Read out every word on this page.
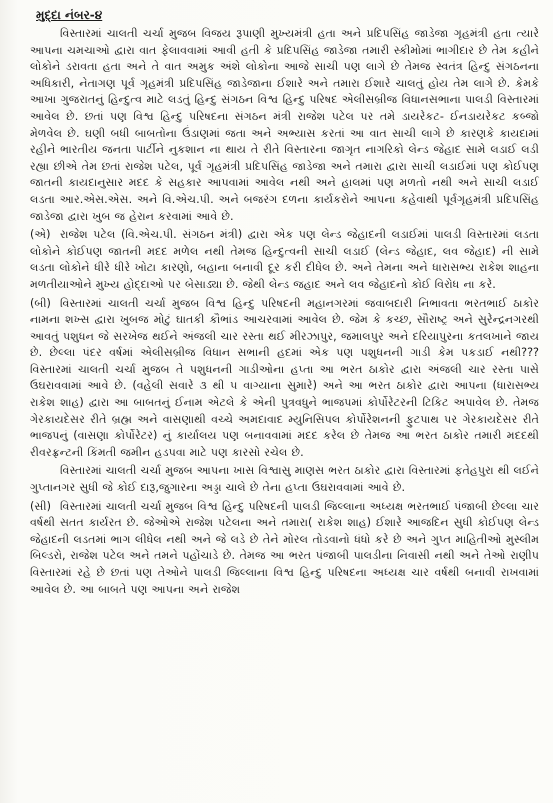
મુદ્દા નંબર-૪
વિસ્તારમાં ચાલતી ચર્ચા મુજબ વિજય રૂપાણી મુખ્યમંત્રી હતા અને પ્રદિપસિંહ જાડેજા ગૃહમંત્રી હતા ત્યારે આપના ચમચાઓ દ્વારા વાત ફેલાવવામાં આવી હતી કે પ્રદિપસિંહ જાડેજા તમારી સ્કીમોમાં ભાગીદાર છે તેમ કહીને લોકોને ડરાવતા હતા અને તે વાત અમુક અંશે લોકોના આજે સાચી પણ લાગે છે તેમજ સ્વતંત્ર હિન્દુ સંગઠનના અધિકારી, નેતાગણ પૂર્વ ગૃહમંત્રી પ્રદિપસિંહ જાડેજાના ઈશારે અને તમારા ઈશારે ચાલતું હોય તેમ લાગે છે. કેમકે આખા ગુજરાતનું હિન્દુત્વ માટે લડતું હિન્દુ સંગઠન વિશ્વ હિન્દુ પરિષદ એલીસબ્રીજ વિધાનસભાના પાલડી વિસ્તારમાં આવેલ છે. છતાં પણ વિશ્વ હિન્દુ પરિષદના સંગઠન મંત્રી રાજેશ પટેલ પર તમે ડાયરેકટ- ઈનડાયરેકટ કબ્જો મેળવેલ છે. ઘણી બધી બાબતોના ઉંડાણમાં જતા અને અભ્યાસ કરતાં આ વાત સાચી લાગે છે કારણકે કાયદામાં રહીને ભારતીય જનતા પાર્ટીને નુકશાન ના થાય તે રીતે વિસ્તારના જાગૃત નાગરિકો લેન્ડ જેહાદ સામે લડાઈ લડી રહ્યા છીએ તેમ છતાં રાજેશ પટેલ, પૂર્વ ગૃહમંત્રી પ્રદિપસિંહ જાડેજા અને તમારા દ્વારા સાચી લડાઈમાં પણ કોઈપણ જાતની કાયદાનુસાર મદદ કે સહકાર આપવામાં આવેલ નથી અને હાલમાં પણ મળતો નથી અને સાચી લડાઈ લડતા આર.એસ.એસ. અને વિ.એચ.પી. અને બજરંગ દળના કાર્યકરોને આપના કહેવાથી પૂર્વગૃહમંત્રી પ્રદિપસિંહ જાડેજા દ્વારા ખુબ જ હેરાન કરવામાં આવે છે.
(એ) રાજેશ પટેલ (વિ.એચ.પી. સંગઠન મંત્રી) દ્વારા એક પણ લેન્ડ જેહાદની લડાઈમાં પાલડી વિસ્તારમાં લડતા લોકોને કોઈપણ જાતની મદદ મળેલ નથી તેમજ હિન્દુત્વની સાચી લડાઈ (લેન્ડ જેહાદ, લવ જેહાદ) ની સામે લડતા લોકોને ધીરે ધીરે ખોટા કારણો, બહાના બનાવી દૂર કરી દીધેલ છે. અને તેમના અને ધારાસભ્ય રાકેશ શાહના મળતીયાઓને મુખ્ય હોદ્દાઓ પર બેસાડ્યા છે. જેથી લેન્ડ જહાદ અને લવ જેહાદનો કોઈ વિરોધ ના કરે.
(બી) વિસ્તારમાં ચાલતી ચર્ચા મુજબ વિશ્વ હિન્દુ પરિષદની મહાનગરમાં જવાબદારી નિભાવતા ભરતભાઈ ઠાકોર નામના શખ્સ દ્વારા ખુબજ મોટું ઘાતકી કૌભાંડ આચરવામાં આવેલ છે. જેમ કે કચ્છ, સૌરાષ્ટ્ર અને સુરેન્દ્રનગરથી આવતું પશુધન જે સરખેજ થઈને અંજલી ચાર રસ્તા થઈ મીરઝાપુર, જમાલપુર અને દરિયાપુરના કતલખાને જાય છે. છેલ્લા પંદર વર્ષમાં એલીસબ્રીજ વિધાન સભાની હદમાં એક પણ પશુધનની ગાડી કેમ પકડાઈ નથી??? વિસ્તારમાં ચાલતી ચર્ચા મુજબ તે પશુધનની ગાડીઓના હપ્તા આ ભરત ઠાકોર દ્વારા અંજલી ચાર રસ્તા પાસે ઉઘરાવવામાં આવે છે. (વહેલી સવારે ૩ થી ૫ વાગ્યાના સુમારે) અને આ ભરત ઠાકોર દ્વારા આપના (ધારાસભ્ય રાકેશ શાહ) દ્વારા આ બાબતનું ઈનામ એટલે કે એની પુત્રવધુને ભાજપમાં કોર્પોરેટરની ટિકિટ અપાવેલ છે. તેમજ ગેરકાયદેસર રીતે બ્રહ્મ અને વાસણાથી વચ્ચે અમદાવાદ મ્યુનિસિપલ કોર્પોરેશનની ફુટપાથ પર ગેરકાયદેસર રીતે ભાજપનું (વાસણા કોર્પોરેટર) નું કાર્યાલય પણ બનાવવામાં મદદ કરેલ છે તેમજ આ ભરત ઠાકોર તમારી મદદથી રીવરફ્રન્ટની કિંમતી જમીન હડપવા માટે પણ કારસો રચેલ છે.
વિસ્તારમાં ચાલતી ચર્ચા મુજબ આપના ખાસ વિશ્વાસુ માણસ ભરત ઠાકોર દ્વારા વિસ્તારમાં ફતેહપુરા થી લઈને ગુપ્તાનગર સુધી જે કોઈ દારૂ,જુગારના અડ્ડા ચાલે છે તેના હપ્તા ઉઘરાવવામાં આવે છે.
(સી) વિસ્તારમાં ચાલતી ચર્ચા મુજબ વિશ્વ હિન્દુ પરિષદની પાલડી જિલ્લાના અધ્યક્ષ ભરતભાઈ પંજાબી છેલ્લા ચાર વર્ષથી સતત કાર્યરત છે. જેઓએ રાજેશ પટેલના અને તમારા( રાકેશ શાહ) ઈશારે આજદિન સુધી કોઈપણ લેન્ડ જેહાદની લડતમાં ભાગ લીધેલ નથી અને જે લડે છે તેને મોરલ તોડવાનો ધંધો કરે છે અને ગુપ્ત માહિતીઓ મુસ્લીમ બિલ્ડરો, રાજેશ પટેલ અને તમને પહોંચાડે છે. તેમજ આ ભરત પંજાબી પાલડીના નિવાસી નથી અને તેઓ રાણીપ વિસ્તારમાં રહે છે છતાં પણ તેઓને પાલડી જિલ્લાના વિશ્વ હિન્દુ પરિષદના અધ્યક્ષ ચાર વર્ષથી બનાવી રાખવામાં આવેલ છે. આ બાબતે પણ આપના અને રાજેશ
